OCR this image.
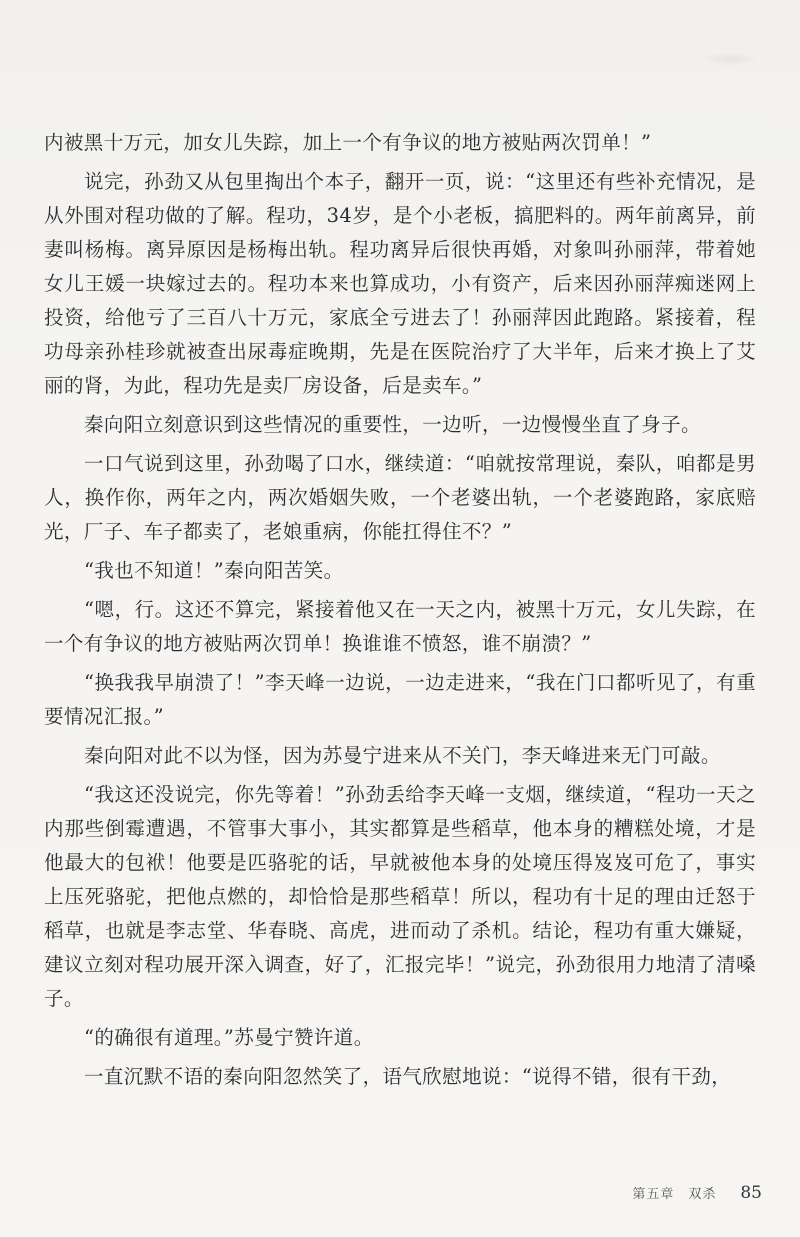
内被黑十万元，加女儿失踪，加上一个有争议的地方被贴两次罚单！”

说完，孙劲又从包里掏出个本子，翻开一页，说：“这里还有些补充情况，是从外围对程功做的了解。程功，34岁，是个小老板，搞肥料的。两年前离异，前妻叫杨梅。离异原因是杨梅出轨。程功离异后很快再婚，对象叫孙丽萍，带着她女儿王媛一块嫁过去的。程功本来也算成功，小有资产，后来因孙丽萍痴迷网上投资，给他亏了三百八十万元，家底全亏进去了！孙丽萍因此跑路。紧接着，程功母亲孙桂珍就被查出尿毒症晚期，先是在医院治疗了大半年，后来才换上了艾丽的肾，为此，程功先是卖厂房设备，后是卖车。”

秦向阳立刻意识到这些情况的重要性，一边听，一边慢慢坐直了身子。

一口气说到这里，孙劲喝了口水，继续道：“咱就按常理说，秦队，咱都是男人，换作你，两年之内，两次婚姻失败，一个老婆出轨，一个老婆跑路，家底赔光，厂子、车子都卖了，老娘重病，你能扛得住不？”

“我也不知道！”秦向阳苦笑。

“嗯，行。这还不算完，紧接着他又在一天之内，被黑十万元，女儿失踪，在一个有争议的地方被贴两次罚单！换谁谁不愤怒，谁不崩溃？”

“换我我早崩溃了！”李天峰一边说，一边走进来，“我在门口都听见了，有重要情况汇报。”

秦向阳对此不以为怪，因为苏曼宁进来从不关门，李天峰进来无门可敲。

“我这还没说完，你先等着！”孙劲丢给李天峰一支烟，继续道，“程功一天之内那些倒霉遭遇，不管事大事小，其实都算是些稻草，他本身的糟糕处境，才是他最大的包袱！他要是匹骆驼的话，早就被他本身的处境压得岌岌可危了，事实上压死骆驼，把他点燃的，却恰恰是那些稻草！所以，程功有十足的理由迁怒于稻草，也就是李志堂、华春晓、高虎，进而动了杀机。结论，程功有重大嫌疑，建议立刻对程功展开深入调查，好了，汇报完毕！”说完，孙劲很用力地清了清嗓子。

“的确很有道理。”苏曼宁赞许道。

一直沉默不语的秦向阳忽然笑了，语气欣慰地说：“说得不错，很有干劲，

第五章　双杀 85
